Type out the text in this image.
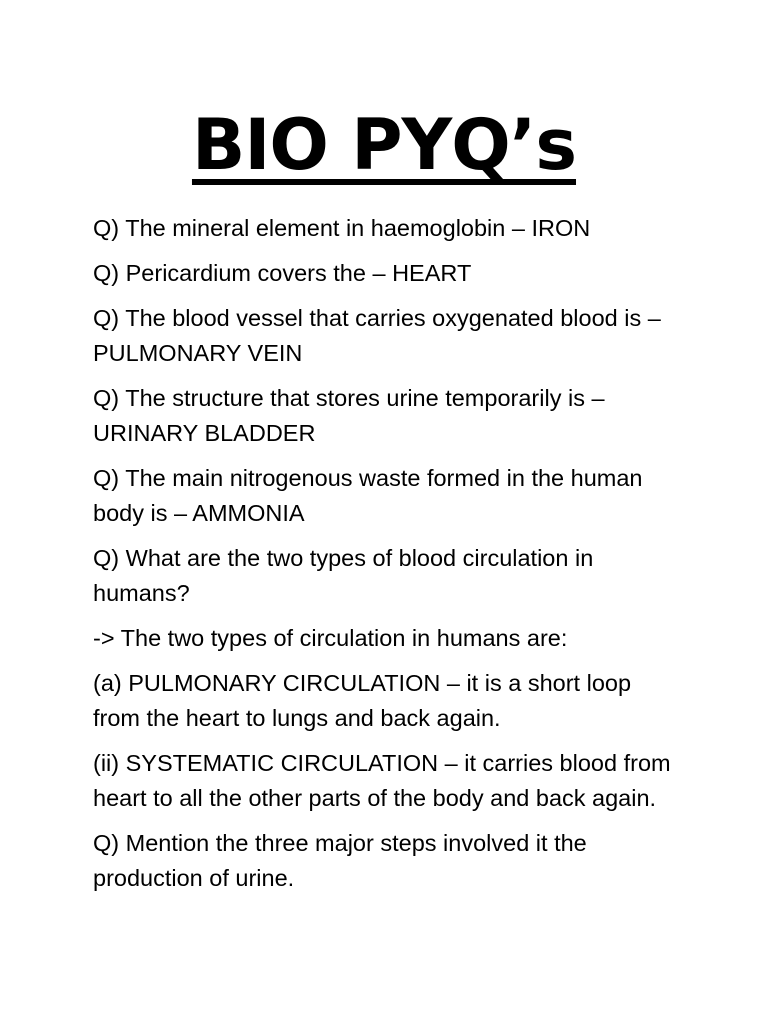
BIO PYQ’s

Q) The mineral element in haemoglobin – IRON

Q) Pericardium covers the – HEART

Q) The blood vessel that carries oxygenated blood is – PULMONARY VEIN

Q) The structure that stores urine temporarily is – URINARY BLADDER

Q) The main nitrogenous waste formed in the human body is – AMMONIA

Q) What are the two types of blood circulation in humans?

-> The two types of circulation in humans are:

(a) PULMONARY CIRCULATION – it is a short loop from the heart to lungs and back again.

(ii) SYSTEMATIC CIRCULATION – it carries blood from heart to all the other parts of the body and back again.

Q) Mention the three major steps involved it the production of urine.
